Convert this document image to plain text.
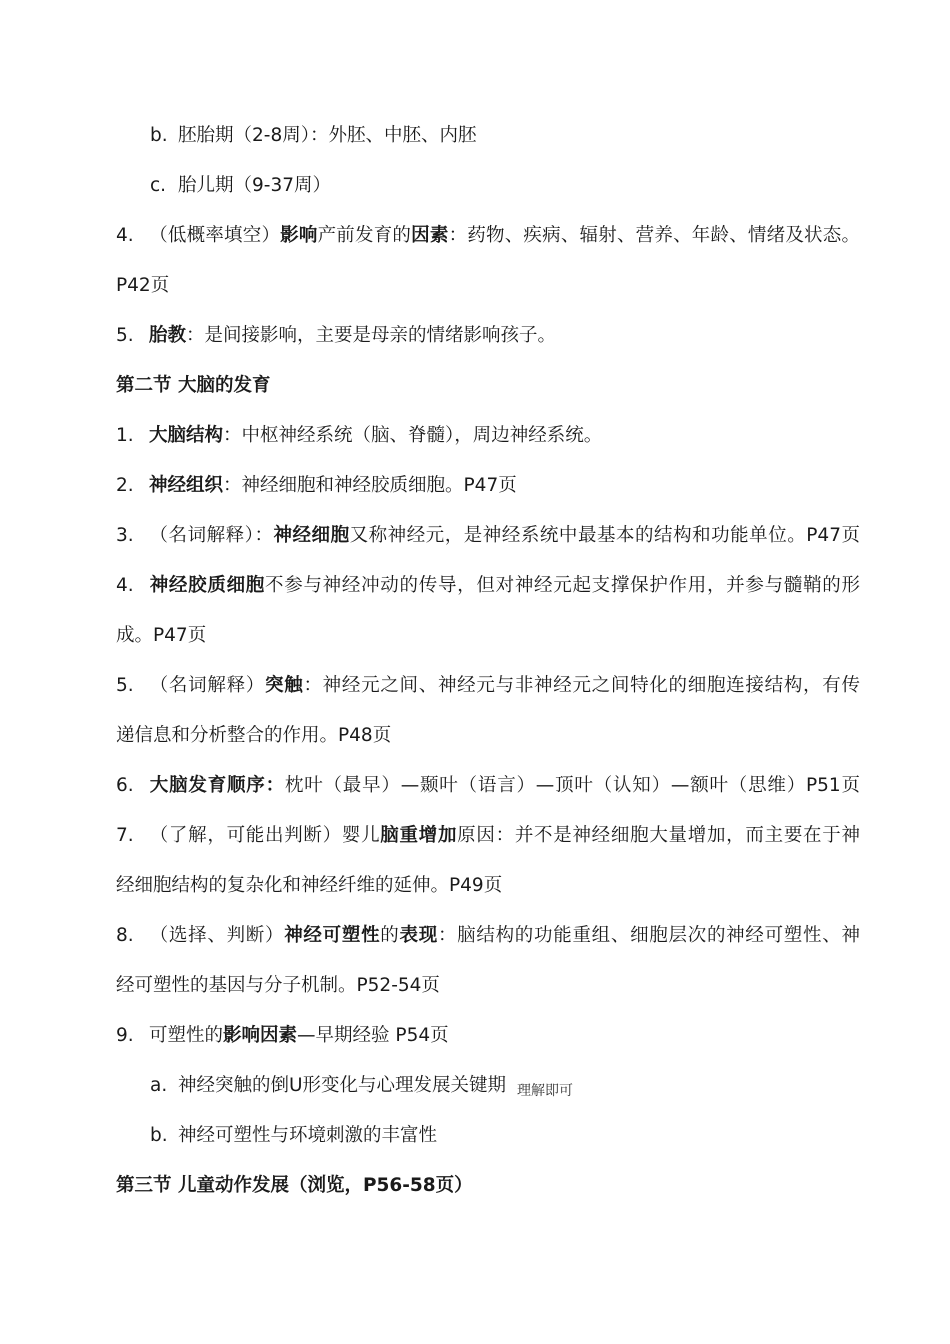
b. 胚胎期（2-8周）：外胚、中胚、内胚
c. 胎儿期（9-37周）
4. （低概率填空）影响产前发育的因素：药物、疾病、辐射、营养、年龄、情绪及状态。
P42页
5. 胎教：是间接影响，主要是母亲的情绪影响孩子。
第二节 大脑的发育
1. 大脑结构：中枢神经系统（脑、脊髓），周边神经系统。
2. 神经组织：神经细胞和神经胶质细胞。P47页
3. （名词解释）：神经细胞又称神经元，是神经系统中最基本的结构和功能单位。P47页
4. 神经胶质细胞不参与神经冲动的传导，但对神经元起支撑保护作用，并参与髓鞘的形
成。P47页
5. （名词解释）突触：神经元之间、神经元与非神经元之间特化的细胞连接结构，有传
递信息和分析整合的作用。P48页
6. 大脑发育顺序：枕叶（最早）—颞叶（语言）—顶叶（认知）—额叶（思维）P51页
7. （了解，可能出判断）婴儿脑重增加原因：并不是神经细胞大量增加，而主要在于神
经细胞结构的复杂化和神经纤维的延伸。P49页
8. （选择、判断）神经可塑性的表现：脑结构的功能重组、细胞层次的神经可塑性、神
经可塑性的基因与分子机制。P52-54页
9. 可塑性的影响因素—早期经验 P54页
a. 神经突触的倒U形变化与心理发展关键期 理解即可
b. 神经可塑性与环境刺激的丰富性
第三节 儿童动作发展（浏览，P56-58页）
